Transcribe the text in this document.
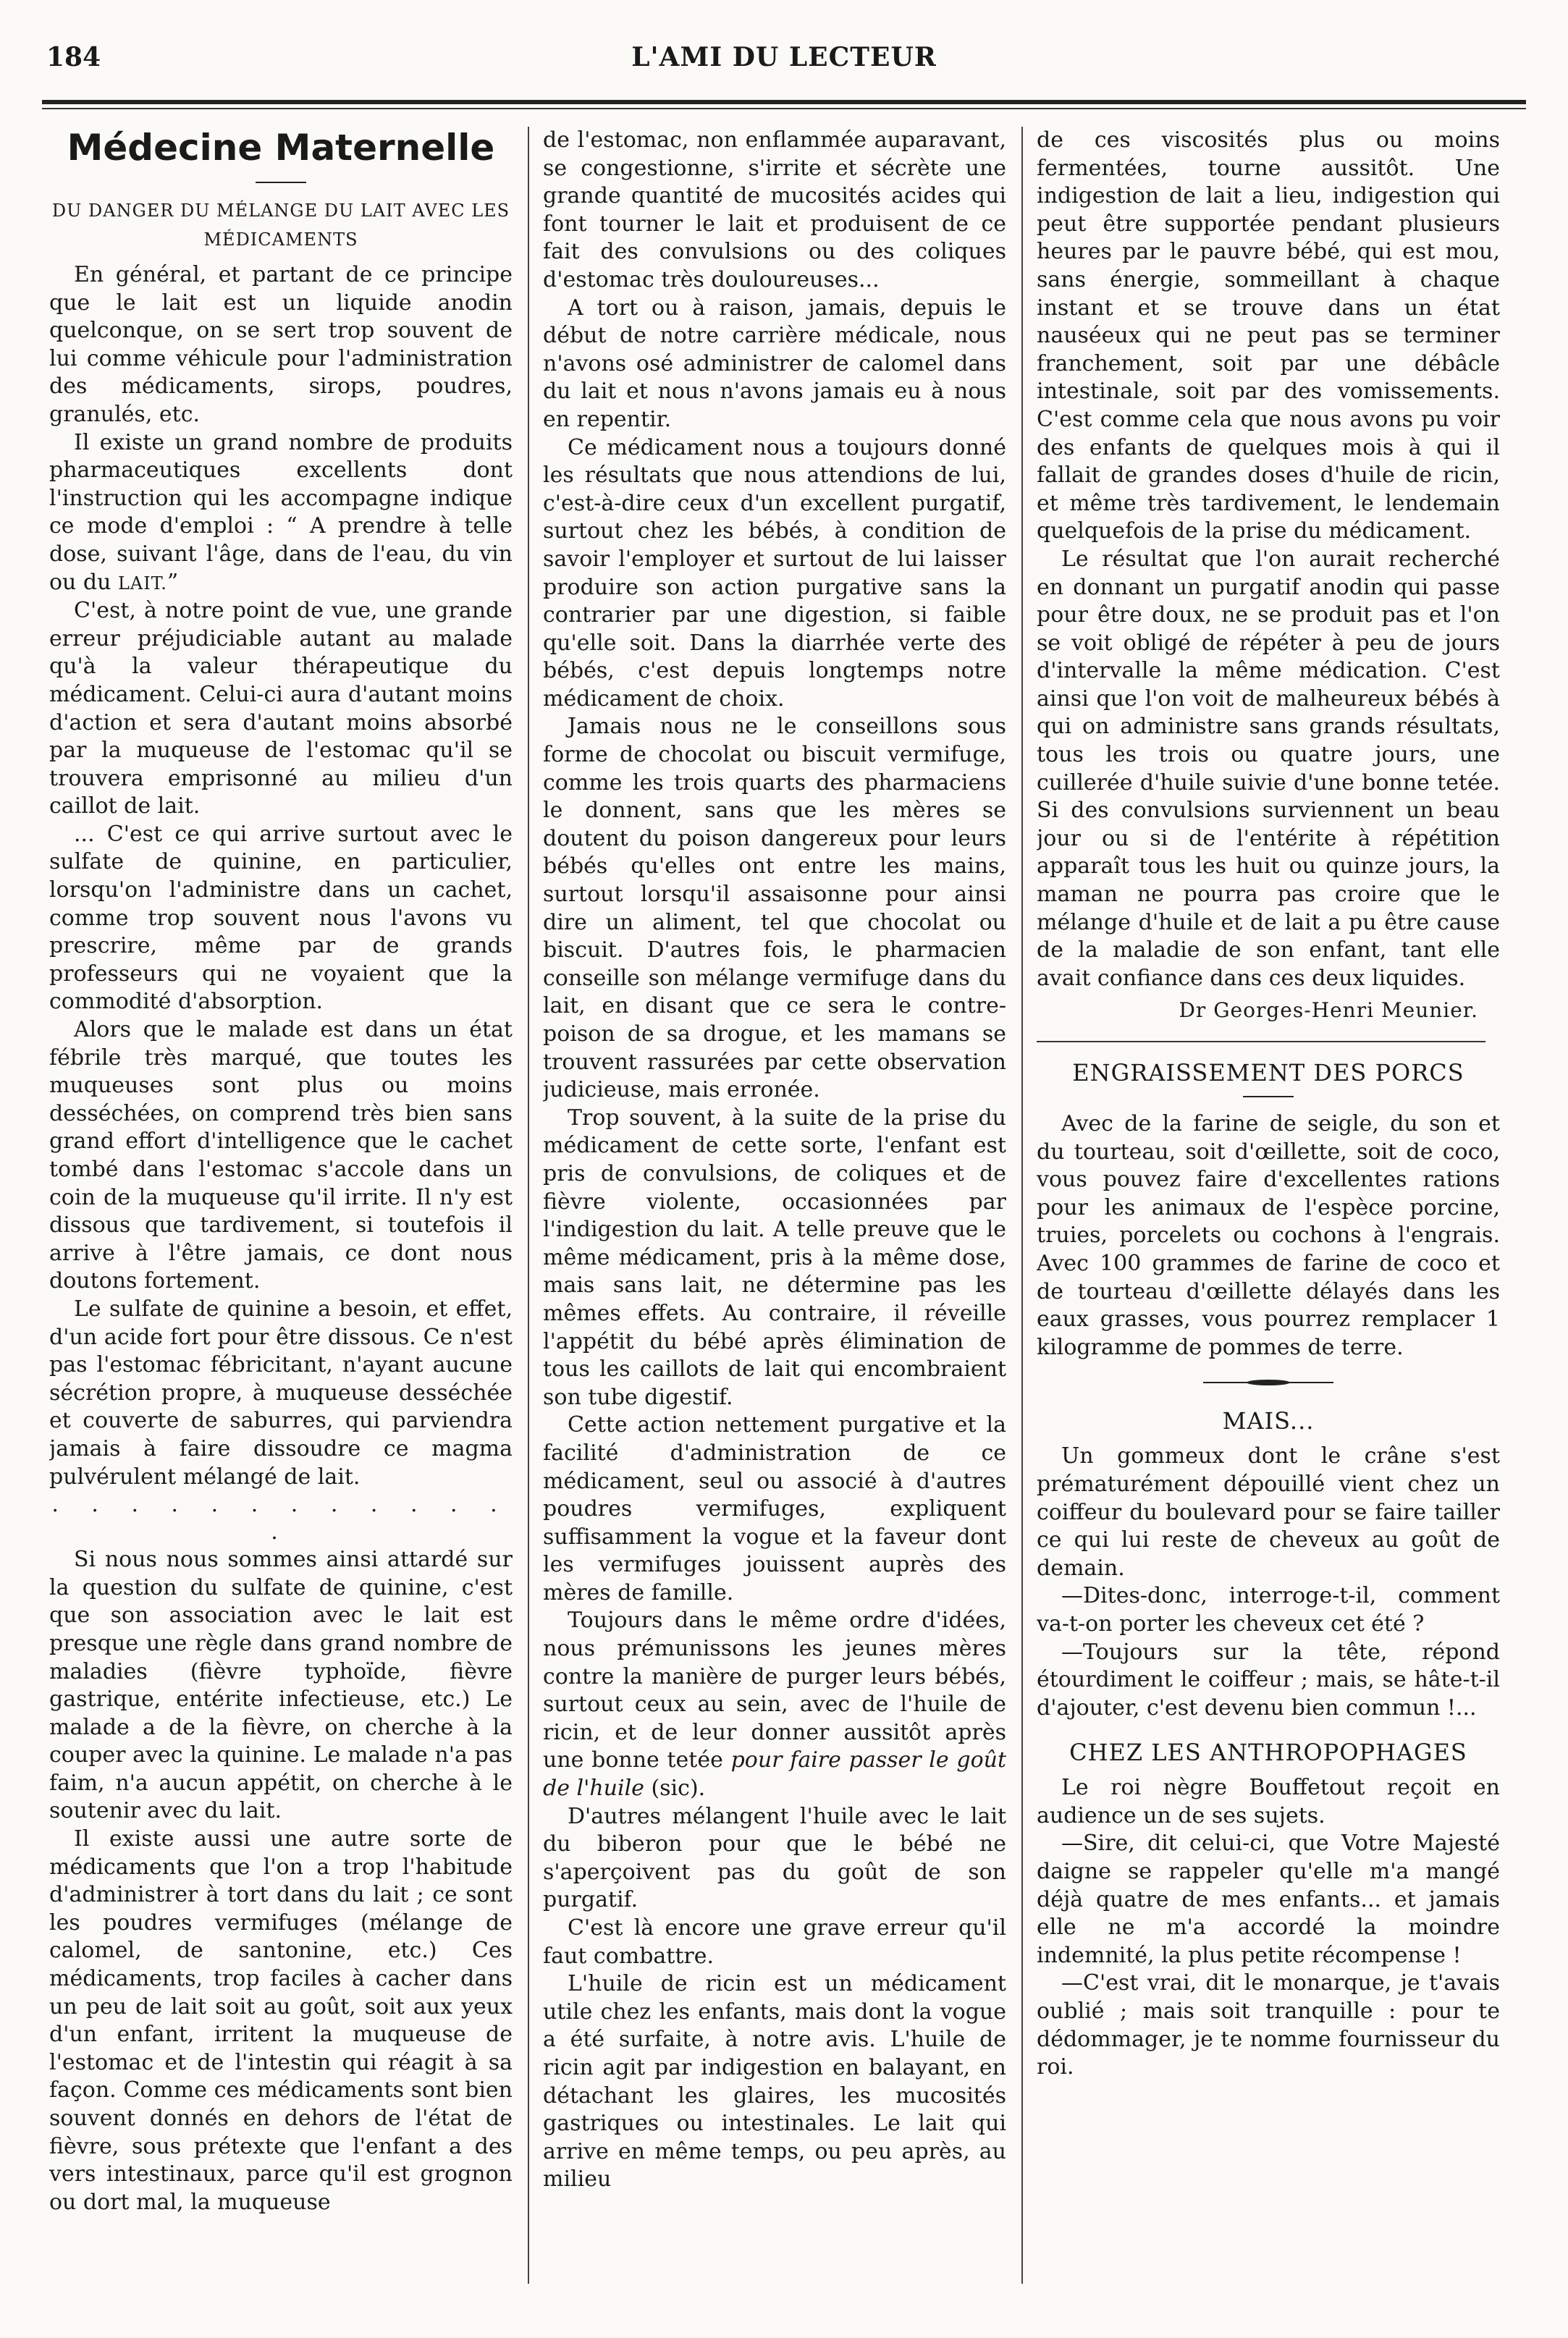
184	L'AMI DU LECTEUR
Médecine Maternelle
DU DANGER DU MÉLANGE DU LAIT AVEC LES MÉDICAMENTS

En général, et partant de ce principe que le lait est un liquide anodin quelconque, on se sert trop souvent de lui comme véhicule pour l'administration des médicaments, sirops, poudres, granulés, etc.

Il existe un grand nombre de produits pharmaceutiques excellents dont l'instruction qui les accompagne indique ce mode d'emploi : “ A prendre à telle dose, suivant l'âge, dans de l'eau, du vin ou du LAIT.”

C'est, à notre point de vue, une grande erreur préjudiciable autant au malade qu'à la valeur thérapeutique du médicament. Celui-ci aura d'autant moins d'action et sera d'autant moins absorbé par la muqueuse de l'estomac qu'il se trouvera emprisonné au milieu d'un caillot de lait.

... C'est ce qui arrive surtout avec le sulfate de quinine, en particulier, lorsqu'on l'administre dans un cachet, comme trop souvent nous l'avons vu prescrire, même par de grands professeurs qui ne voyaient que la commodité d'absorption.

Alors que le malade est dans un état fébrile très marqué, que toutes les muqueuses sont plus ou moins desséchées, on comprend très bien sans grand effort d'intelligence que le cachet tombé dans l'estomac s'accole dans un coin de la muqueuse qu'il irrite. Il n'y est dissous que tardivement, si toutefois il arrive à l'être jamais, ce dont nous doutons fortement.

Le sulfate de quinine a besoin, et effet, d'un acide fort pour être dissous. Ce n'est pas l'estomac fébricitant, n'ayant aucune sécrétion propre, à muqueuse desséchée et couverte de saburres, qui parviendra jamais à faire dissoudre ce magma pulvérulent mélangé de lait.

. . . . . . . . . . . . .

Si nous nous sommes ainsi attardé sur la question du sulfate de quinine, c'est que son association avec le lait est presque une règle dans grand nombre de maladies (fièvre typhoïde, fièvre gastrique, entérite infectieuse, etc.) Le malade a de la fièvre, on cherche à la couper avec la quinine. Le malade n'a pas faim, n'a aucun appétit, on cherche à le soutenir avec du lait.

Il existe aussi une autre sorte de médicaments que l'on a trop l'habitude d'administrer à tort dans du lait ; ce sont les poudres vermifuges (mélange de calomel, de santonine, etc.) Ces médicaments, trop faciles à cacher dans un peu de lait soit au goût, soit aux yeux d'un enfant, irritent la muqueuse de l'estomac et de l'intestin qui réagit à sa façon. Comme ces médicaments sont bien souvent donnés en dehors de l'état de fièvre, sous prétexte que l'enfant a des vers intestinaux, parce qu'il est grognon ou dort mal, la muqueuse

de l'estomac, non enflammée auparavant, se congestionne, s'irrite et sécrète une grande quantité de mucosités acides qui font tourner le lait et produisent de ce fait des convulsions ou des coliques d'estomac très douloureuses...

A tort ou à raison, jamais, depuis le début de notre carrière médicale, nous n'avons osé administrer de calomel dans du lait et nous n'avons jamais eu à nous en repentir.

Ce médicament nous a toujours donné les résultats que nous attendions de lui, c'est-à-dire ceux d'un excellent purgatif, surtout chez les bébés, à condition de savoir l'employer et surtout de lui laisser produire son action purgative sans la contrarier par une digestion, si faible qu'elle soit. Dans la diarrhée verte des bébés, c'est depuis longtemps notre médicament de choix.

Jamais nous ne le conseillons sous forme de chocolat ou biscuit vermifuge, comme les trois quarts des pharmaciens le donnent, sans que les mères se doutent du poison dangereux pour leurs bébés qu'elles ont entre les mains, surtout lorsqu'il assaisonne pour ainsi dire un aliment, tel que chocolat ou biscuit. D'autres fois, le pharmacien conseille son mélange vermifuge dans du lait, en disant que ce sera le contre-poison de sa drogue, et les mamans se trouvent rassurées par cette observation judicieuse, mais erronée.

Trop souvent, à la suite de la prise du médicament de cette sorte, l'enfant est pris de convulsions, de coliques et de fièvre violente, occasionnées par l'indigestion du lait. A telle preuve que le même médicament, pris à la même dose, mais sans lait, ne détermine pas les mêmes effets. Au contraire, il réveille l'appétit du bébé après élimination de tous les caillots de lait qui encombraient son tube digestif.

Cette action nettement purgative et la facilité d'administration de ce médicament, seul ou associé à d'autres poudres vermifuges, expliquent suffisamment la vogue et la faveur dont les vermifuges jouissent auprès des mères de famille.

Toujours dans le même ordre d'idées, nous prémunissons les jeunes mères contre la manière de purger leurs bébés, surtout ceux au sein, avec de l'huile de ricin, et de leur donner aussitôt après une bonne tetée pour faire passer le goût de l'huile (sic).

D'autres mélangent l'huile avec le lait du biberon pour que le bébé ne s'aperçoivent pas du goût de son purgatif.

C'est là encore une grave erreur qu'il faut combattre.

L'huile de ricin est un médicament utile chez les enfants, mais dont la vogue a été surfaite, à notre avis. L'huile de ricin agit par indigestion en balayant, en détachant les glaires, les mucosités gastriques ou intestinales. Le lait qui arrive en même temps, ou peu après, au milieu

de ces viscosités plus ou moins fermentées, tourne aussitôt. Une indigestion de lait a lieu, indigestion qui peut être supportée pendant plusieurs heures par le pauvre bébé, qui est mou, sans énergie, sommeillant à chaque instant et se trouve dans un état nauséeux qui ne peut pas se terminer franchement, soit par une débâcle intestinale, soit par des vomissements. C'est comme cela que nous avons pu voir des enfants de quelques mois à qui il fallait de grandes doses d'huile de ricin, et même très tardivement, le lendemain quelquefois de la prise du médicament.

Le résultat que l'on aurait recherché en donnant un purgatif anodin qui passe pour être doux, ne se produit pas et l'on se voit obligé de répéter à peu de jours d'intervalle la même médication. C'est ainsi que l'on voit de malheureux bébés à qui on administre sans grands résultats, tous les trois ou quatre jours, une cuillerée d'huile suivie d'une bonne tetée. Si des convulsions surviennent un beau jour ou si de l'entérite à répétition apparaît tous les huit ou quinze jours, la maman ne pourra pas croire que le mélange d'huile et de lait a pu être cause de la maladie de son enfant, tant elle avait confiance dans ces deux liquides.

Dr Georges-Henri Meunier.
ENGRAISSEMENT DES PORCS

Avec de la farine de seigle, du son et du tourteau, soit d'œillette, soit de coco, vous pouvez faire d'excellentes rations pour les animaux de l'espèce porcine, truies, porcelets ou cochons à l'engrais. Avec 100 grammes de farine de coco et de tourteau d'œillette délayés dans les eaux grasses, vous pourrez remplacer 1 kilogramme de pommes de terre.

MAIS...

Un gommeux dont le crâne s'est prématurément dépouillé vient chez un coiffeur du boulevard pour se faire tailler ce qui lui reste de cheveux au goût de demain.

—Dites-donc, interroge-t-il, comment va-t-on porter les cheveux cet été ?

—Toujours sur la tête, répond étourdiment le coiffeur ; mais, se hâte-t-il d'ajouter, c'est devenu bien commun !...

CHEZ LES ANTHROPOPHAGES

Le roi nègre Bouffetout reçoit en audience un de ses sujets.

—Sire, dit celui-ci, que Votre Majesté daigne se rappeler qu'elle m'a mangé déjà quatre de mes enfants... et jamais elle ne m'a accordé la moindre indemnité, la plus petite récompense !

—C'est vrai, dit le monarque, je t'avais oublié ; mais soit tranquille : pour te dédommager, je te nomme fournisseur du roi.
